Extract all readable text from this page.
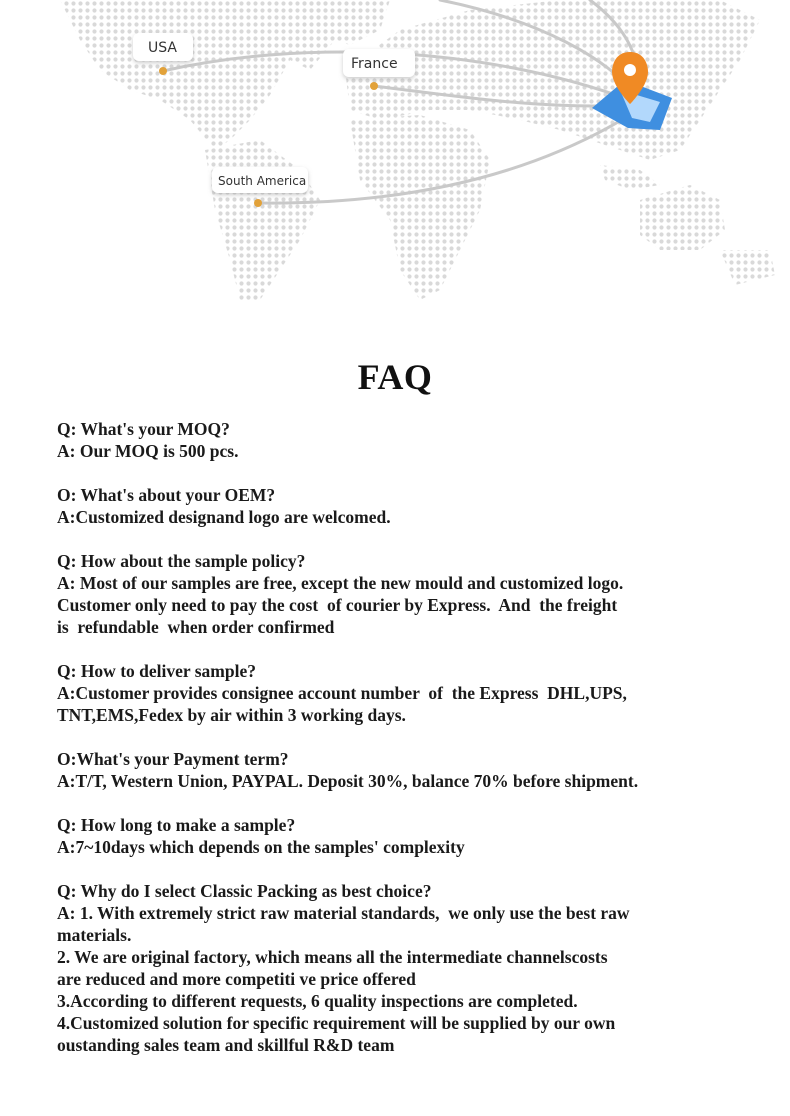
USA
France
South America
FAQ
Q: What's your MOQ?
A: Our MOQ is 500 pcs.
O: What's about your OEM?
A:Customized designand logo are welcomed.
Q: How about the sample policy?
A: Most of our samples are free, except the new mould and customized logo.
Customer only need to pay the cost  of courier by Express.  And  the freight
is  refundable  when order confirmed
Q: How to deliver sample?
A:Customer provides consignee account number  of  the Express  DHL,UPS,
TNT,EMS,Fedex by air within 3 working days.
O:What's your Payment term?
A:T/T, Western Union, PAYPAL. Deposit 30%, balance 70% before shipment.
Q: How long to make a sample?
A:7~10days which depends on the samples' complexity
Q: Why do I select Classic Packing as best choice?
A: 1. With extremely strict raw material standards,  we only use the best raw
materials.
2. We are original factory, which means all the intermediate channelscosts
are reduced and more competiti ve price offered
3.According to different requests, 6 quality inspections are completed.
4.Customized solution for specific requirement will be supplied by our own
oustanding sales team and skillful R&D team
